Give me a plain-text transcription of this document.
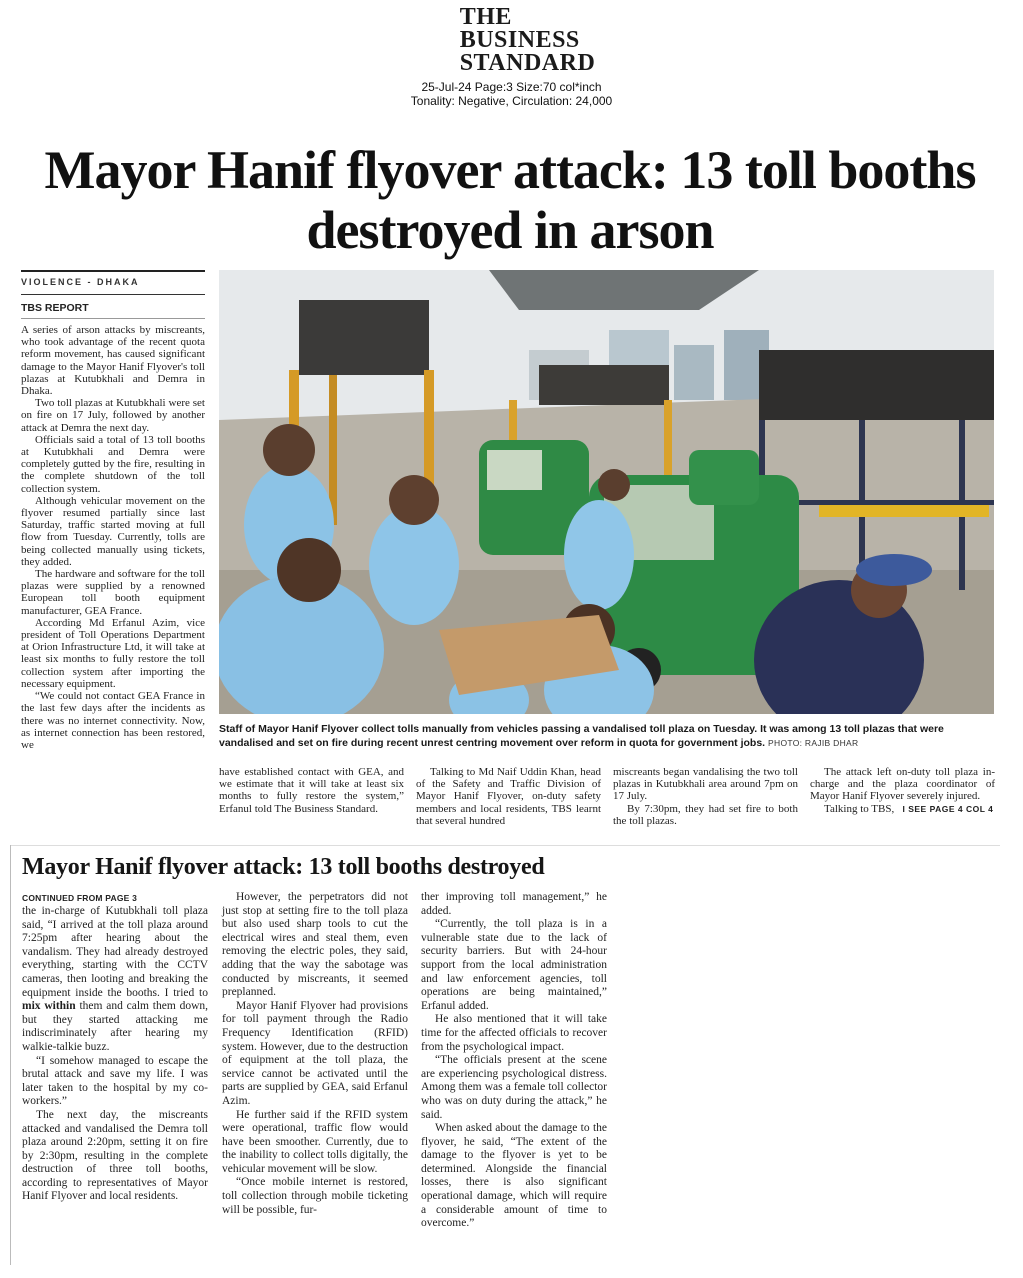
THE
BUSINESS
STANDARD
25-Jul-24 Page:3 Size:70 col*inch
Tonality: Negative, Circulation: 24,000
Mayor Hanif flyover attack: 13 toll booths
destroyed in arson
VIOLENCE - DHAKA
TBS REPORT

A series of arson attacks by miscreants, who took advantage of the recent quota reform movement, has caused significant damage to the Mayor Hanif Flyover's toll plazas at Kutubkhali and Demra in Dhaka.

Two toll plazas at Kutubkhali were set on fire on 17 July, followed by another attack at Demra the next day.

Officials said a total of 13 toll booths at Kutubkhali and Demra were completely gutted by the fire, resulting in the complete shutdown of the toll collection system.

Although vehicular movement on the flyover resumed partially since last Saturday, traffic started moving at full flow from Tuesday. Currently, tolls are being collected manually using tickets, they added.

The hardware and software for the toll plazas were supplied by a renowned European toll booth equipment manufacturer, GEA France.

According Md Erfanul Azim, vice president of Toll Operations Department at Orion Infrastructure Ltd, it will take at least six months to fully restore the toll collection system after importing the necessary equipment.

“We could not contact GEA France in the last few days after the incidents as there was no internet connectivity. Now, as internet connection has been restored, we

Staff of Mayor Hanif Flyover collect tolls manually from vehicles passing a vandalised toll plaza on Tuesday. It was among 13 toll plazas that were vandalised and set on fire during recent unrest centring movement over reform in quota for government jobs. PHOTO: RAJIB DHAR

have established contact with GEA, and we estimate that it will take at least six months to fully restore the system,” Erfanul told The Business Standard.

Talking to Md Naif Uddin Khan, head of the Safety and Traffic Division of Mayor Hanif Flyover, on-duty safety members and local residents, TBS learnt that several hundred

miscreants began vandalising the two toll plazas in Kutubkhali area around 7pm on 17 July.

By 7:30pm, they had set fire to both the toll plazas.

The attack left on-duty toll plaza in-charge and the plaza coordinator of Mayor Hanif Flyover severely injured.

Talking to TBS, I SEE PAGE 4 COL 4

Mayor Hanif flyover attack: 13 toll booths destroyed
CONTINUED FROM PAGE 3

the in-charge of Kutubkhali toll plaza said, “I arrived at the toll plaza around 7:25pm after hearing about the vandalism. They had already destroyed everything, starting with the CCTV cameras, then looting and breaking the equipment inside the booths. I tried to mix within them and calm them down, but they started attacking me indiscriminately after hearing my walkie-talkie buzz.

“I somehow managed to escape the brutal attack and save my life. I was later taken to the hospital by my co-workers.”

The next day, the miscreants attacked and vandalised the Demra toll plaza around 2:20pm, setting it on fire by 2:30pm, resulting in the complete destruction of three toll booths, according to representatives of Mayor Hanif Flyover and local residents.

However, the perpetrators did not just stop at setting fire to the toll plaza but also used sharp tools to cut the electrical wires and steal them, even removing the electric poles, they said, adding that the way the sabotage was conducted by miscreants, it seemed preplanned.

Mayor Hanif Flyover had provisions for toll payment through the Radio Frequency Identification (RFID) system. However, due to the destruction of equipment at the toll plaza, the service cannot be activated until the parts are supplied by GEA, said Erfanul Azim.

He further said if the RFID system were operational, traffic flow would have been smoother. Currently, due to the inability to collect tolls digitally, the vehicular movement will be slow.

“Once mobile internet is restored, toll collection through mobile ticketing will be possible, fur-

ther improving toll management,” he added.

“Currently, the toll plaza is in a vulnerable state due to the lack of security barriers. But with 24-hour support from the local administration and law enforcement agencies, toll operations are being maintained,” Erfanul added.

He also mentioned that it will take time for the affected officials to recover from the psychological impact.

“The officials present at the scene are experiencing psychological distress. Among them was a female toll collector who was on duty during the attack,” he said.

When asked about the damage to the flyover, he said, “The extent of the damage to the flyover is yet to be determined. Alongside the financial losses, there is also significant operational damage, which will require a considerable amount of time to overcome.”
